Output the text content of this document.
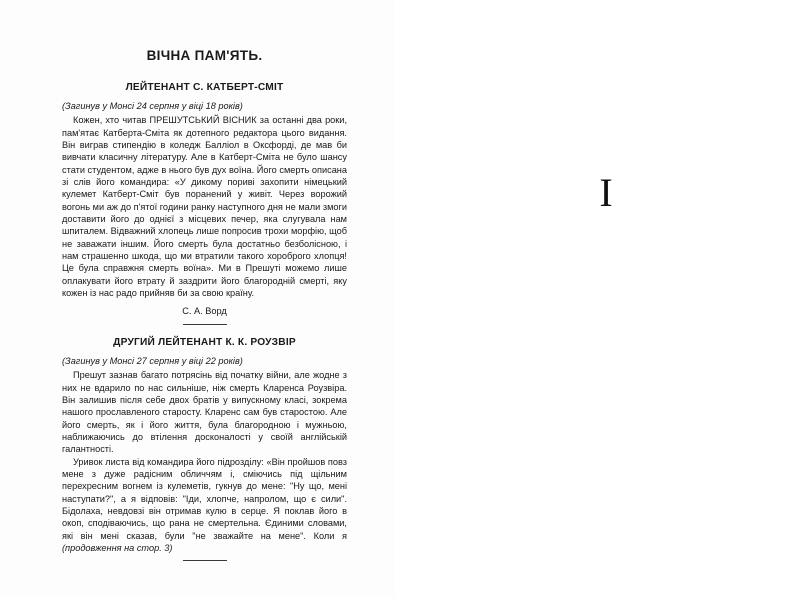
ВІЧНА ПАМ'ЯТЬ.
ЛЕЙТЕНАНТ С. КАТБЕРТ-СМІТ

(Загинув у Монсі 24 серпня у віці 18 років)

Кожен, хто читав ПРЕШУТСЬКИЙ ВІСНИК за останні два роки, пам'ятає Катберта-Сміта як дотепного редактора цього видання. Він виграв стипендію в коледж Балліол в Оксфорді, де мав би вивчати класичну літературу. Але в Катберт-Сміта не було шансу стати студентом, адже в нього був дух воїна. Його смерть описана зі слів його командира: «У дикому пориві захопити німецький кулемет Катберт-Сміт був поранений у живіт. Через ворожий вогонь ми аж до п'ятої години ранку наступного дня не мали змоги доставити його до однієї з місцевих печер, яка слугувала нам шпиталем. Відважний хлопець лише попросив трохи морфію, щоб не заважати іншим. Його смерть була достатньо безболісною, і нам страшенно шкода, що ми втратили такого хороброго хлопця! Це була справжня смерть воїна». Ми в Прешуті можемо лише оплакувати його втрату й заздрити його благородній смерті, яку кожен із нас радо прийняв би за свою країну.

С. А. Ворд

ДРУГИЙ ЛЕЙТЕНАНТ К. К. РОУЗВІР

(Загинув у Монсі 27 серпня у віці 22 років)

Прешут зазнав багато потрясінь від початку війни, але жодне з них не вдарило по нас сильніше, ніж смерть Кларенса Роузвіра. Він залишив після себе двох братів у випускному класі, зокрема нашого прославленого старосту. Кларенс сам був старостою. Але його смерть, як і його життя, була благородною і мужньою, наближаючись до втілення досконалості у своїй англійській галантності.

Уривок листа від командира його підрозділу: «Він пройшов повз мене з дуже радісним обличчям і, сміючись під щільним перехресним вогнем із кулеметів, гукнув до мене: "Ну що, мені наступати?", а я відповів: "Іди, хлопче, напролом, що є сили". Бідолаха, невдовзі він отримав кулю в серце. Я поклав його в окоп, сподіваючись, що рана не смертельна. Єдиними словами, які він мені сказав, були "не зважайте на мене". Коли я (продовження на стор. 3)

I
